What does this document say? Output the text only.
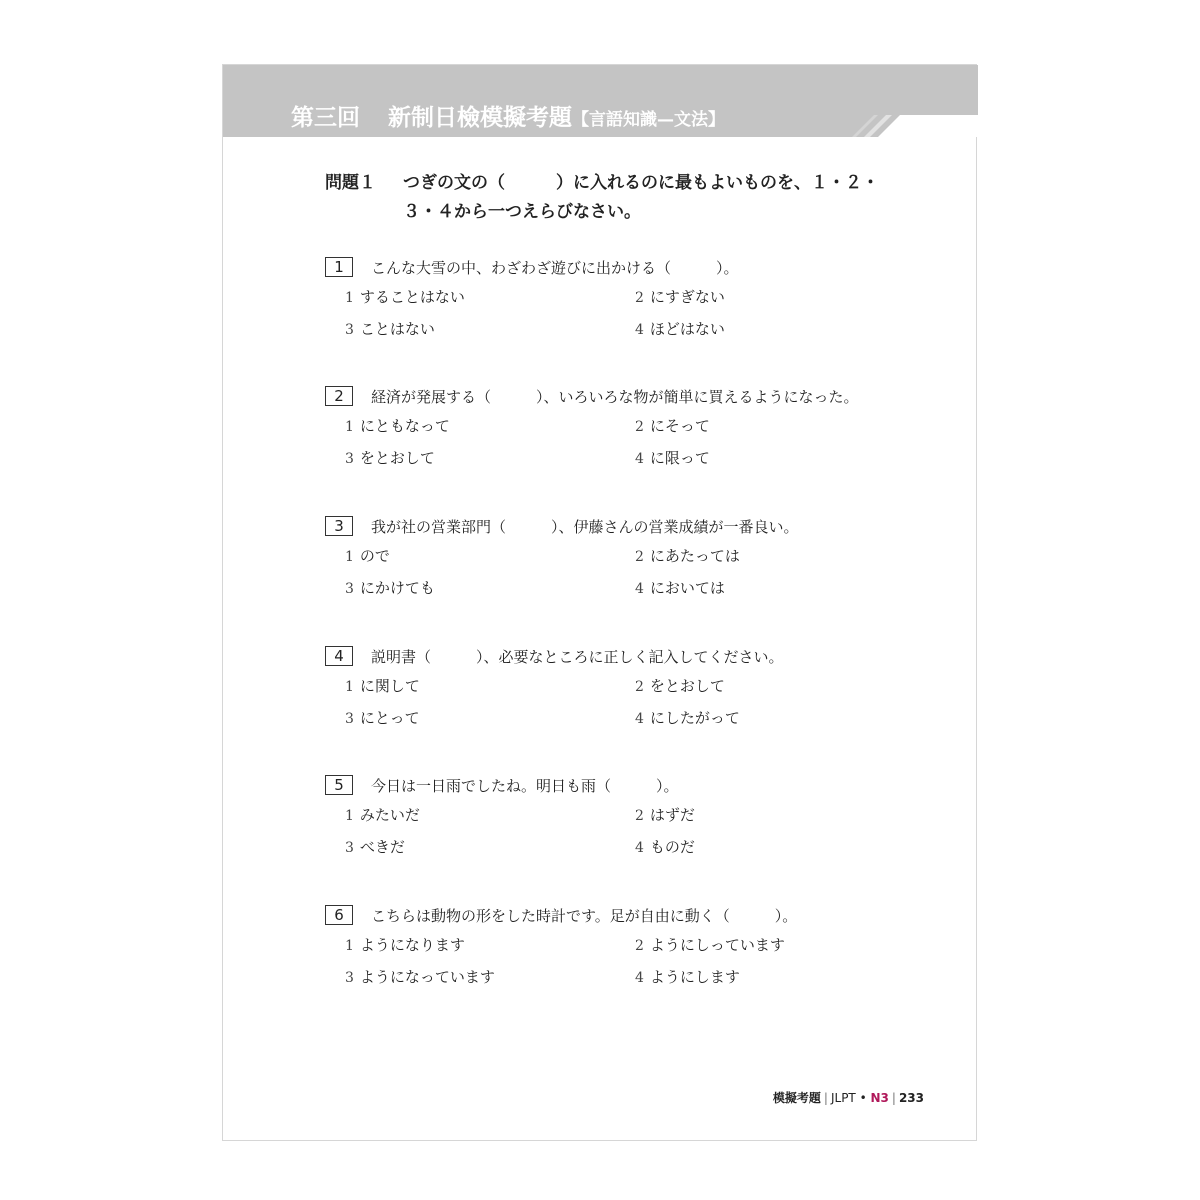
第三回 新制日檢模擬考題【言語知識—文法】
問題１ つぎの文の（　　　）に入れるのに最もよいものを、１・２・
３・４から一つえらびなさい。
1	こんな大雪の中、わざわざ遊びに出かける（　　　）。
1 することはない	2 にすぎない
3 ことはない	4 ほどはない
2	経済が発展する（　　　）、いろいろな物が簡単に買えるようになった。
1 にともなって	2 にそって
3 をとおして	4 に限って
3	我が社の営業部門（　　　）、伊藤さんの営業成績が一番良い。
1 ので	2 にあたっては
3 にかけても	4 においては
4	説明書（　　　）、必要なところに正しく記入してください。
1 に関して	2 をとおして
3 にとって	4 にしたがって
5	今日は一日雨でしたね。明日も雨（　　　）。
1 みたいだ	2 はずだ
3 べきだ	4 ものだ
6	こちらは動物の形をした時計です。足が自由に動く（　　　）。
1 ようになります	2 ようにしっています
3 ようになっています	4 ようにします
模擬考題 | JLPT • N3 | 233
